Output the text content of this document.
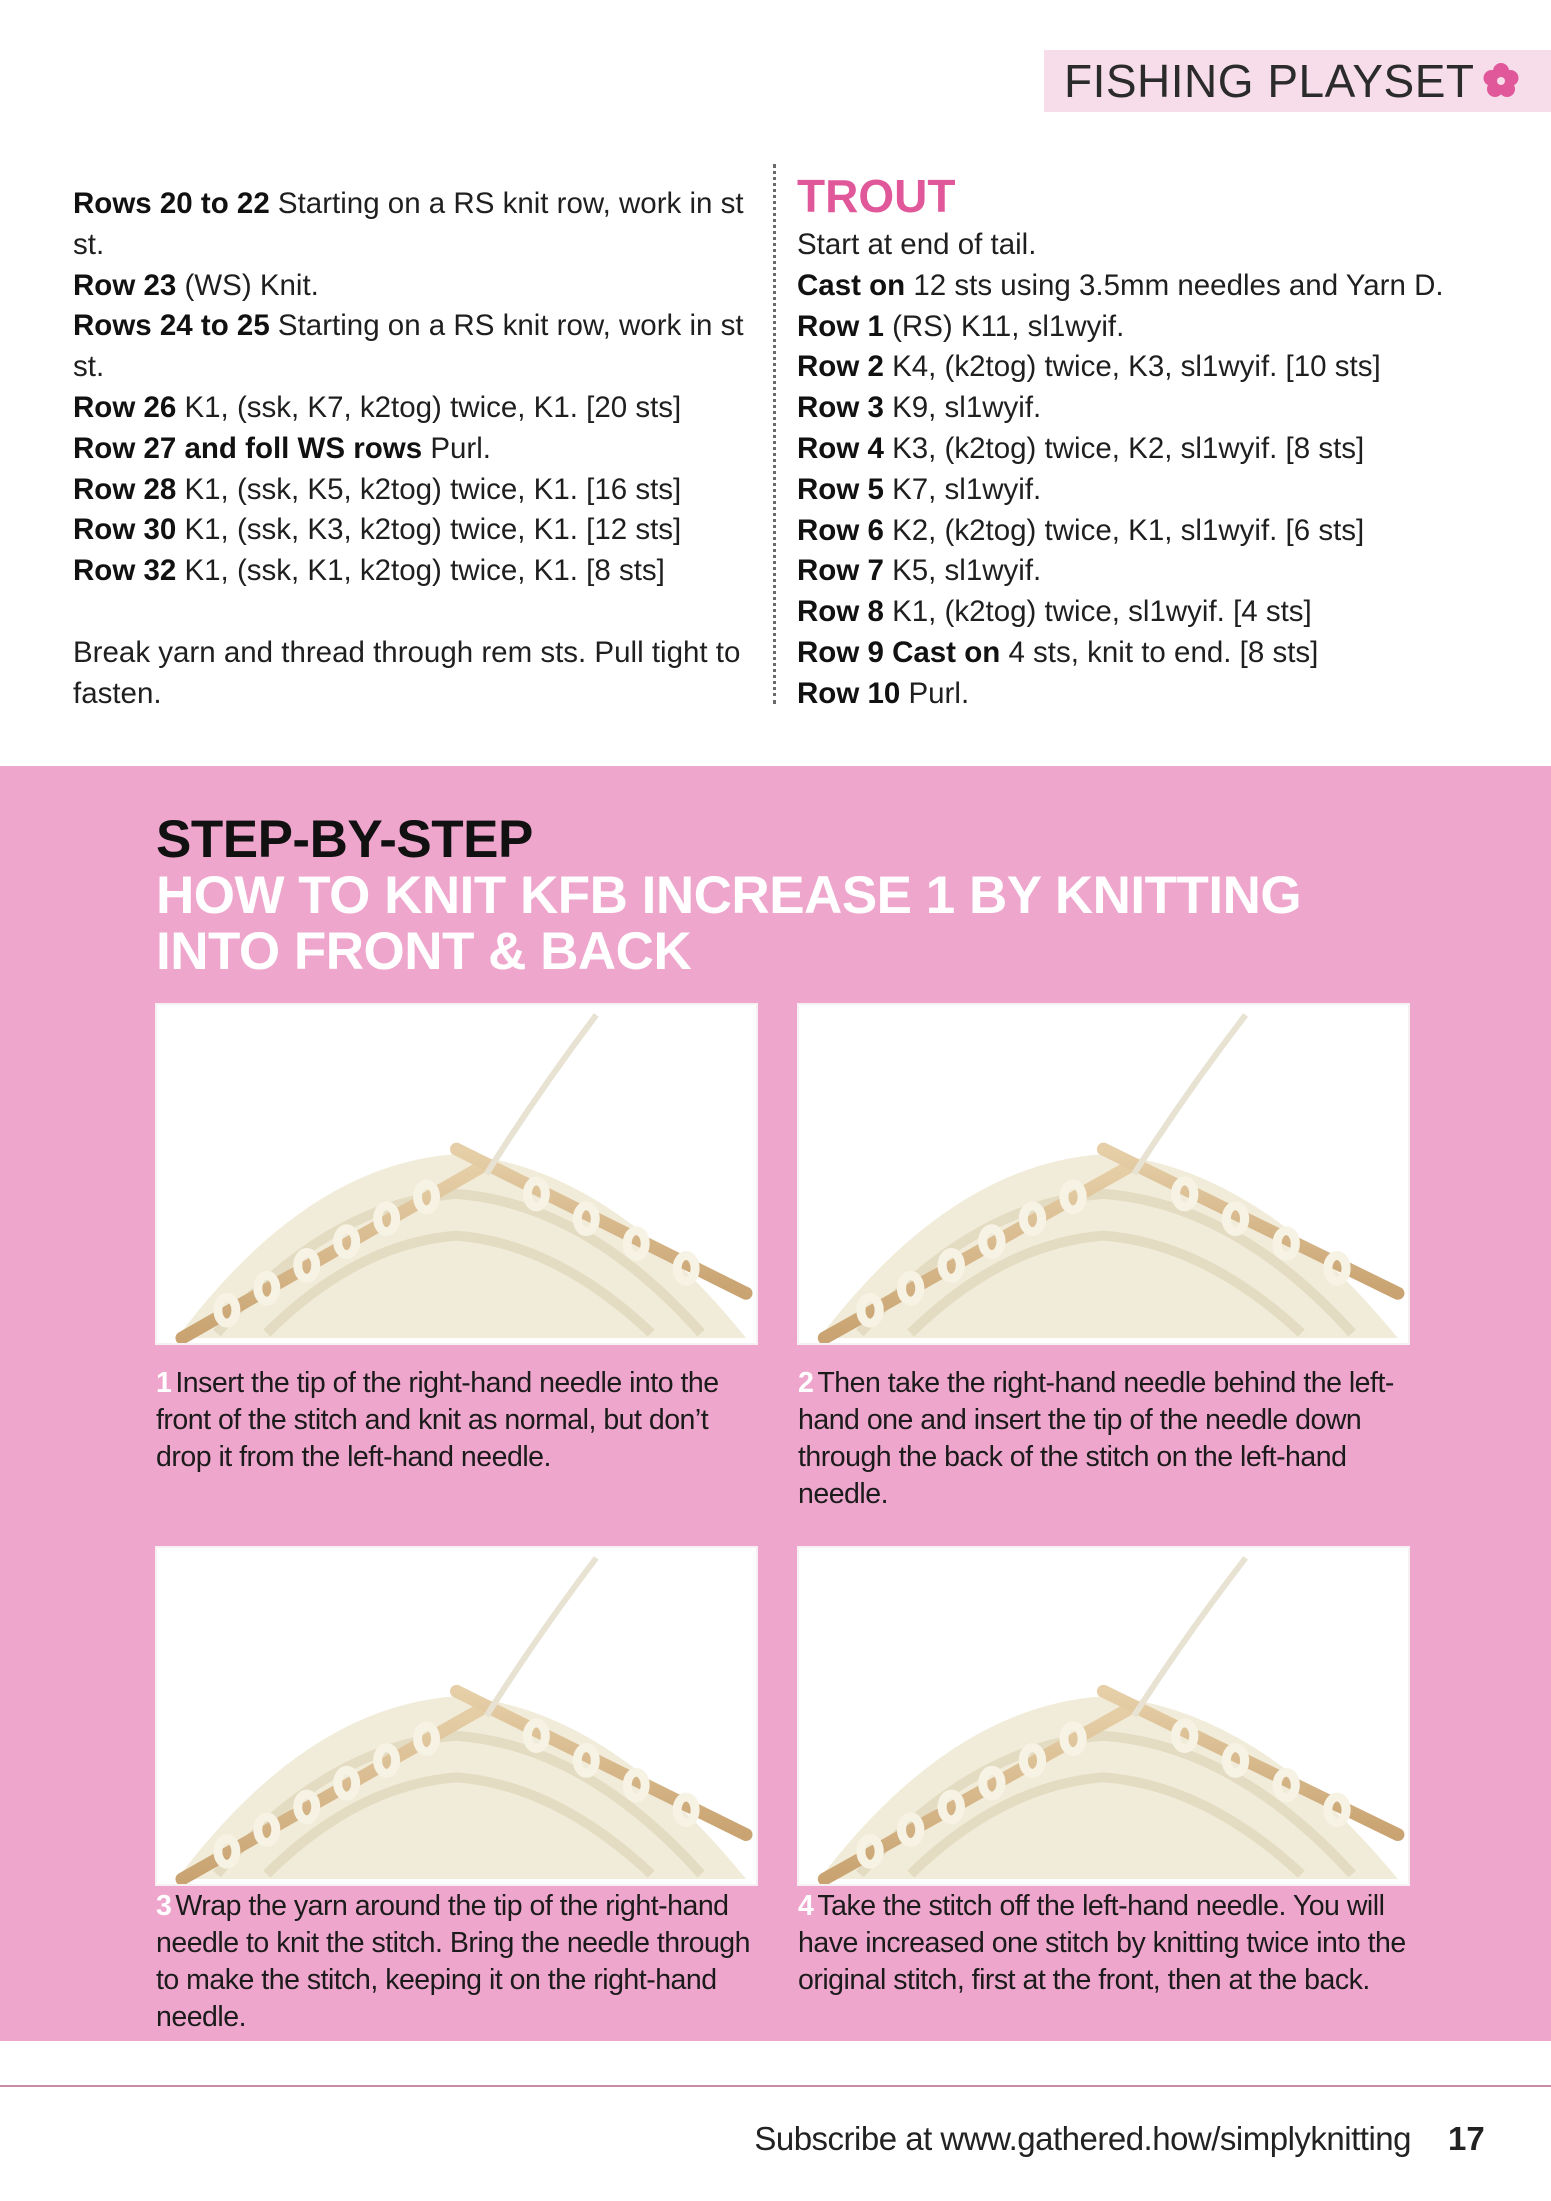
FISHING PLAYSET

Rows 20 to 22 Starting on a RS knit row, work in st st.

Row 23 (WS) Knit.

Rows 24 to 25 Starting on a RS knit row, work in st st.

Row 26 K1, (ssk, K7, k2tog) twice, K1. [20 sts]

Row 27 and foll WS rows Purl.

Row 28 K1, (ssk, K5, k2tog) twice, K1. [16 sts]

Row 30 K1, (ssk, K3, k2tog) twice, K1. [12 sts]

Row 32 K1, (ssk, K1, k2tog) twice, K1. [8 sts]

Break yarn and thread through rem sts. Pull tight to fasten.

TROUT

Start at end of tail.

Cast on 12 sts using 3.5mm needles and Yarn D.

Row 1 (RS) K11, sl1wyif.

Row 2 K4, (k2tog) twice, K3, sl1wyif. [10 sts]

Row 3 K9, sl1wyif.

Row 4 K3, (k2tog) twice, K2, sl1wyif. [8 sts]

Row 5 K7, sl1wyif.

Row 6 K2, (k2tog) twice, K1, sl1wyif. [6 sts]

Row 7 K5, sl1wyif.

Row 8 K1, (k2tog) twice, sl1wyif. [4 sts]

Row 9 Cast on 4 sts, knit to end. [8 sts]

Row 10 Purl.

STEP-BY-STEP
HOW TO KNIT KFB INCREASE 1 BY KNITTING INTO FRONT & BACK
1 Insert the tip of the right-hand needle into the front of the stitch and knit as normal, but don’t drop it from the left-hand needle.
2 Then take the right-hand needle behind the left-hand one and insert the tip of the needle down through the back of the stitch on the left-hand needle.
3 Wrap the yarn around the tip of the right-hand needle to knit the stitch. Bring the needle through to make the stitch, keeping it on the right-hand needle.
4 Take the stitch off the left-hand needle. You will have increased one stitch by knitting twice into the original stitch, first at the front, then at the back.
Subscribe at www.gathered.how/simplyknitting 17
